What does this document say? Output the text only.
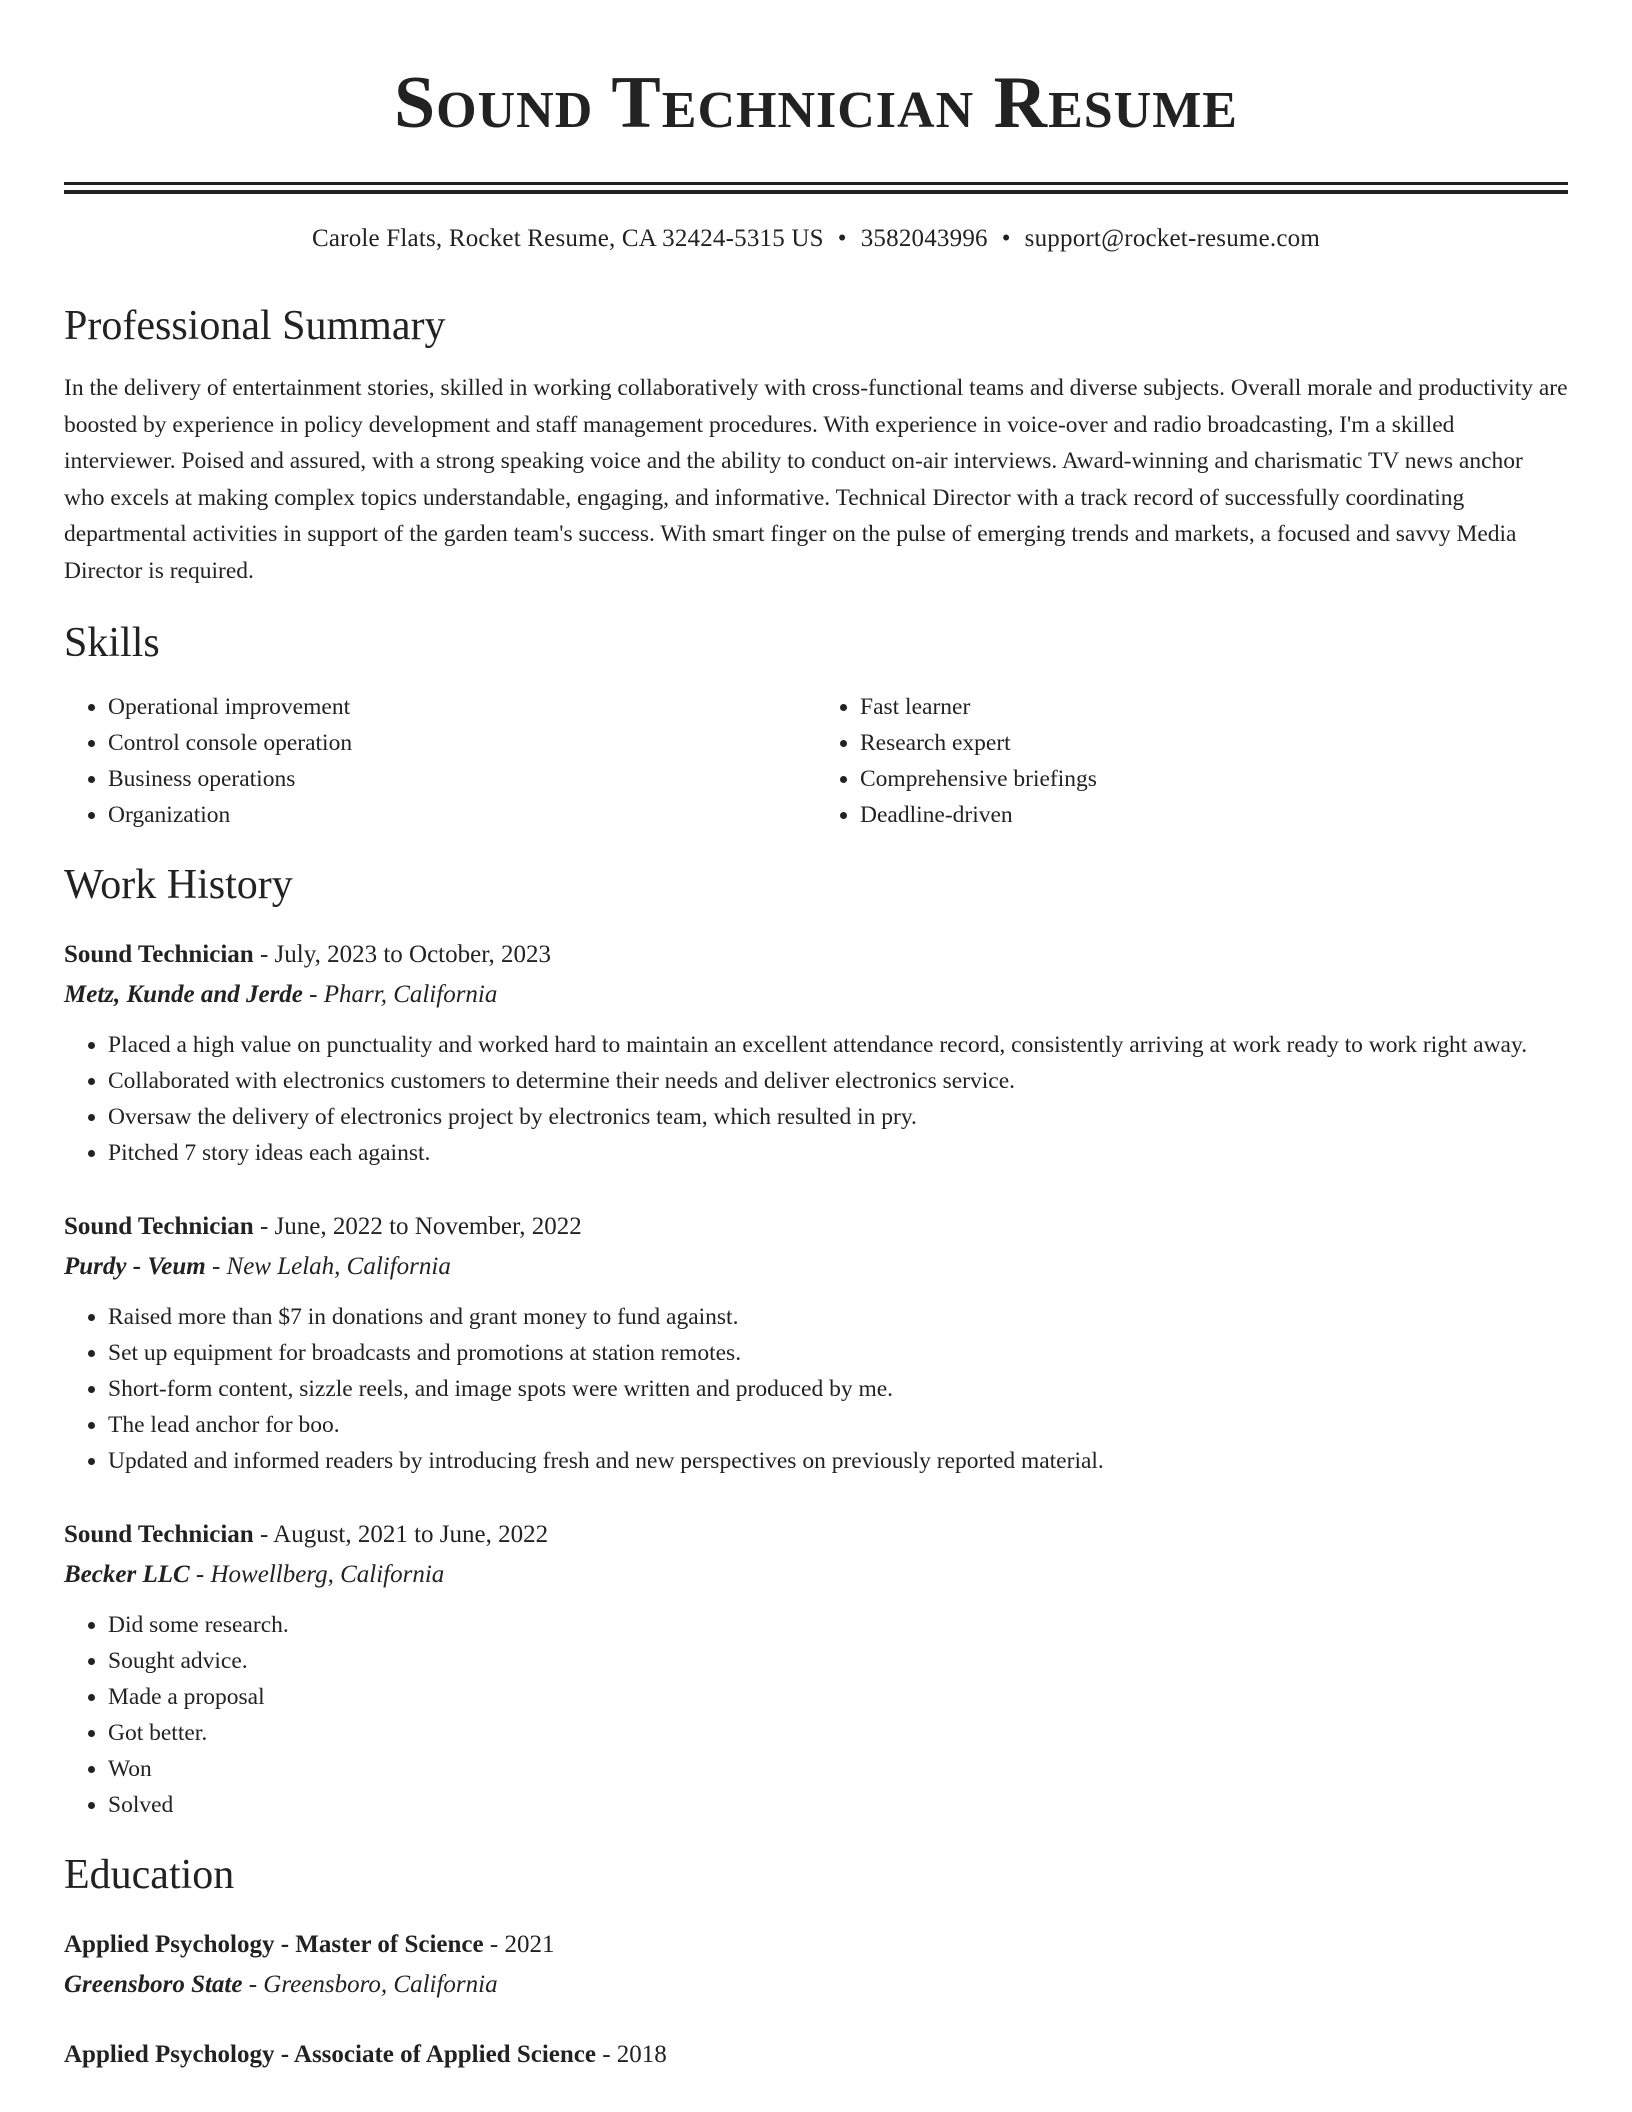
Sound Technician Resume
Carole Flats, Rocket Resume, CA 32424-5315 US • 3582043996 • support@rocket-resume.com
Professional Summary

In the delivery of entertainment stories, skilled in working collaboratively with cross-functional teams and diverse subjects. Overall morale and productivity are boosted by experience in policy development and staff management procedures. With experience in voice-over and radio broadcasting, I'm a skilled interviewer. Poised and assured, with a strong speaking voice and the ability to conduct on-air interviews. Award-winning and charismatic TV news anchor who excels at making complex topics understandable, engaging, and informative. Technical Director with a track record of successfully coordinating departmental activities in support of the garden team's success. With smart finger on the pulse of emerging trends and markets, a focused and savvy Media Director is required.

Skills
• Operational improvement
• Control console operation
• Business operations
• Organization
• Fast learner
• Research expert
• Comprehensive briefings
• Deadline-driven
Work History
Sound Technician - July, 2023 to October, 2023
Metz, Kunde and Jerde - Pharr, California
• Placed a high value on punctuality and worked hard to maintain an excellent attendance record, consistently arriving at work ready to work right away.
• Collaborated with electronics customers to determine their needs and deliver electronics service.
• Oversaw the delivery of electronics project by electronics team, which resulted in pry.
• Pitched 7 story ideas each against.
Sound Technician - June, 2022 to November, 2022
Purdy - Veum - New Lelah, California
• Raised more than $7 in donations and grant money to fund against.
• Set up equipment for broadcasts and promotions at station remotes.
• Short-form content, sizzle reels, and image spots were written and produced by me.
• The lead anchor for boo.
• Updated and informed readers by introducing fresh and new perspectives on previously reported material.
Sound Technician - August, 2021 to June, 2022
Becker LLC - Howellberg, California
• Did some research.
• Sought advice.
• Made a proposal
• Got better.
• Won
• Solved
Education
Applied Psychology - Master of Science - 2021
Greensboro State - Greensboro, California
Applied Psychology - Associate of Applied Science - 2018
